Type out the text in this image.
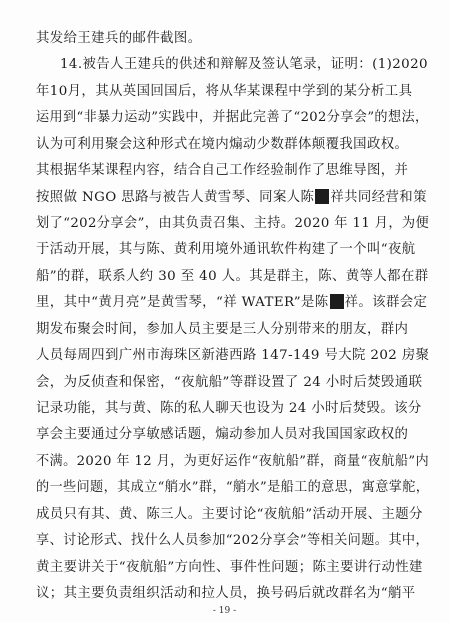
其发给王建兵的邮件截图。
14.被告人王建兵的供述和辩解及签认笔录，证明：(1)2020
年10月，其从英国回国后，将从华某课程中学到的某分析工具
运用到“非暴力运动”实践中，并据此完善了“202分享会”的想法，
认为可利用聚会这种形式在境内煽动少数群体颠覆我国政权。
其根据华某课程内容，结合自己工作经验制作了思维导图，并
按照做 NGO 思路与被告人黄雪琴、同案人陈 祥共同经营和策
划了“202分享会”，由其负责召集、主持。2020 年 11 月，为便
于活动开展，其与陈、黄利用境外通讯软件构建了一个叫“夜航
船”的群，联系人约 30 至 40 人。其是群主，陈、黄等人都在群
里，其中“黄月亮”是黄雪琴，“祥 WATER”是陈 祥。该群会定
期发布聚会时间，参加人员主要是三人分别带来的朋友，群内
人员每周四到广州市海珠区新港西路 147-149 号大院 202 房聚
会，为反侦查和保密，“夜航船”等群设置了 24 小时后焚毁通联
记录功能，其与黄、陈的私人聊天也设为 24 小时后焚毁。该分
享会主要通过分享敏感话题，煽动参加人员对我国国家政权的
不满。2020 年 12 月，为更好运作“夜航船”群，商量“夜航船”内
的一些问题，其成立“艄水”群，“艄水”是船工的意思，寓意掌舵，
成员只有其、黄、陈三人。主要讨论“夜航船”活动开展、主题分
享、讨论形式、找什么人员参加“202分享会”等相关问题。其中，
黄主要讲关于“夜航船”方向性、事件性问题；陈主要讲行动性建
议；其主要负责组织活动和拉人员，换号码后就改群名为“艄平
- 19 -
